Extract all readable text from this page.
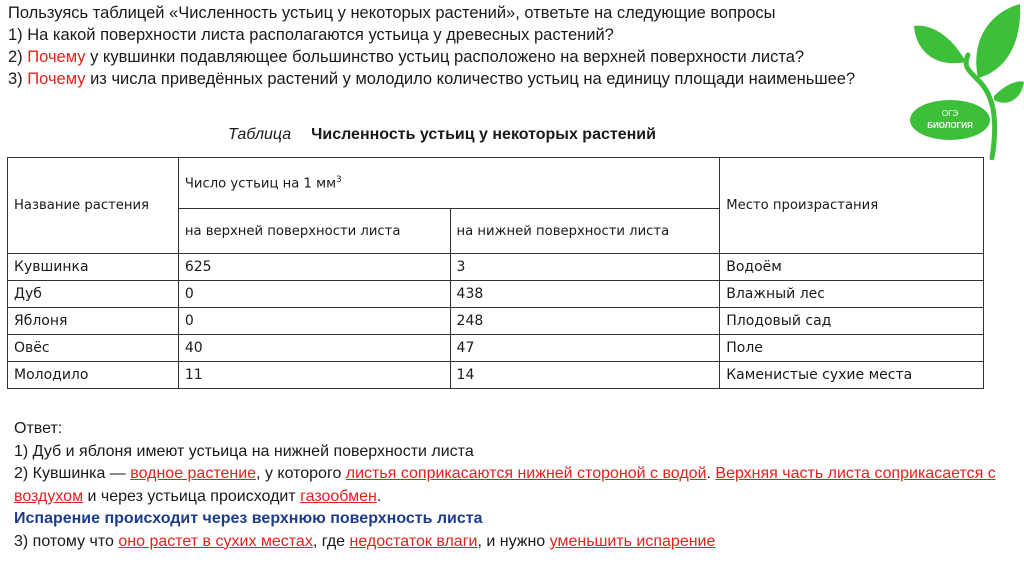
Пользуясь таблицей «Численность устьиц у некоторых растений», ответьте на следующие вопросы

1) На какой поверхности листа располагаются устьица у древесных растений?

2) Почему у кувшинки подавляющее большинство устьиц расположено на верхней поверхности листа?

3) Почему из числа приведённых растений у молодило количество устьиц на единицу площади наименьшее?

Таблица Численность устьиц у некоторых растений
ОГЭ
БИОЛОГИЯ
Название растения	Число устьиц на 1 $мм^3$		Место произрастания
	на верхней поверхности листа	на нижней поверхности листа	
Кувшинка	625	3	Водоём
Дуб	0	438	Влажный лес
Яблоня	0	248	Плодовый сад
Овёс	40	47	Поле
Молодило	11	14	Каменистые сухие места

Ответ:

1) Дуб и яблоня имеют устьица на нижней поверхности листа

2) Кувшинка — водное растение, у которого листья соприкасаются нижней стороной с водой. Верхняя часть листа соприкасается с воздухом и через устьица происходит газообмен.

Испарение происходит через верхнюю поверхность листа

3) потому что оно растет в сухих местах, где недостаток влаги, и нужно уменьшить испарение
